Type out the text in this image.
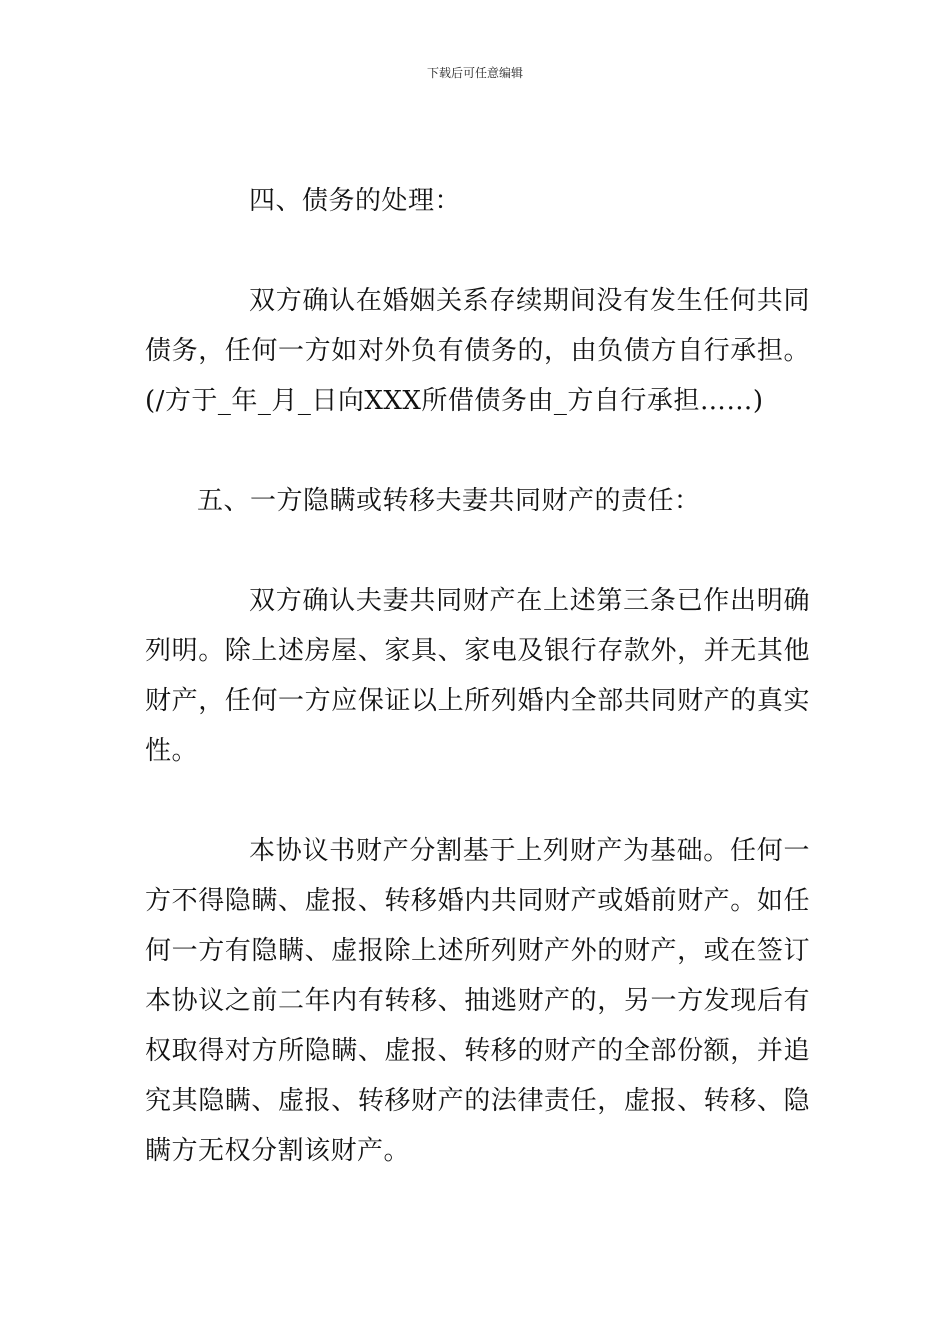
下载后可任意编辑
四、债务的处理：
双方确认在婚姻关系存续期间没有发生任何共同
债务，任何一方如对外负有债务的，由负债方自行承担。
(/方于_年_月_日向XXX所借债务由_方自行承担……)
五、一方隐瞒或转移夫妻共同财产的责任：
双方确认夫妻共同财产在上述第三条已作出明确
列明。除上述房屋、家具、家电及银行存款外，并无其他
财产，任何一方应保证以上所列婚内全部共同财产的真实
性。
本协议书财产分割基于上列财产为基础。任何一
方不得隐瞒、虚报、转移婚内共同财产或婚前财产。如任
何一方有隐瞒、虚报除上述所列财产外的财产，或在签订
本协议之前二年内有转移、抽逃财产的，另一方发现后有
权取得对方所隐瞒、虚报、转移的财产的全部份额，并追
究其隐瞒、虚报、转移财产的法律责任，虚报、转移、隐
瞒方无权分割该财产。
